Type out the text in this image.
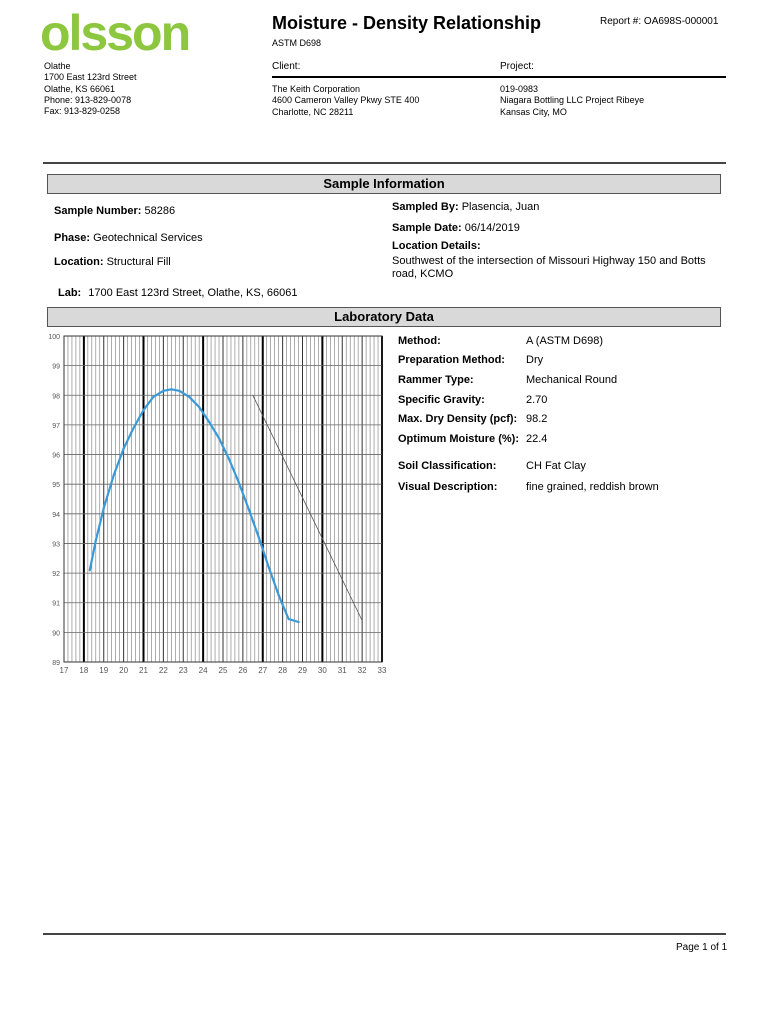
olsson	Moisture - Density Relationship
ASTM D698
Report #: OA698S-000001
Olathe
1700 East 123rd Street
Olathe, KS 66061
Phone: 913-829-0078
Fax: 913-829-0258
Client:	Project:
The Keith Corporation
4600 Cameron Valley Pkwy STE 400
Charlotte, NC 28211
019-0983
Niagara Bottling LLC Project Ribeye
Kansas City, MO
Sample Information
Sample Number: 58286
Phase: Geotechnical Services
Location: Structural Fill
Sampled By: Plasencia, Juan
Sample Date: 06/14/2019
Location Details:
Southwest of the intersection of Missouri Highway 150 and Botts
road, KCMO
Lab: 1700 East 123rd Street, Olathe, KS, 66061
Laboratory Data
17 18 19 20 21 22 23 24 25 26 27 28 29 30 31 32 33
89
90
91
92
93
94
95
96
97
98
99
100	Method:	A (ASTM D698)
Preparation Method: Dry
Rammer Type:	Mechanical Round
Specific Gravity:	2.70
Max. Dry Density (pcf): 98.2
Optimum Moisture (%): 22.4
Soil Classification:	CH Fat Clay
Visual Description:	fine grained, reddish brown
Page 1 of 1
